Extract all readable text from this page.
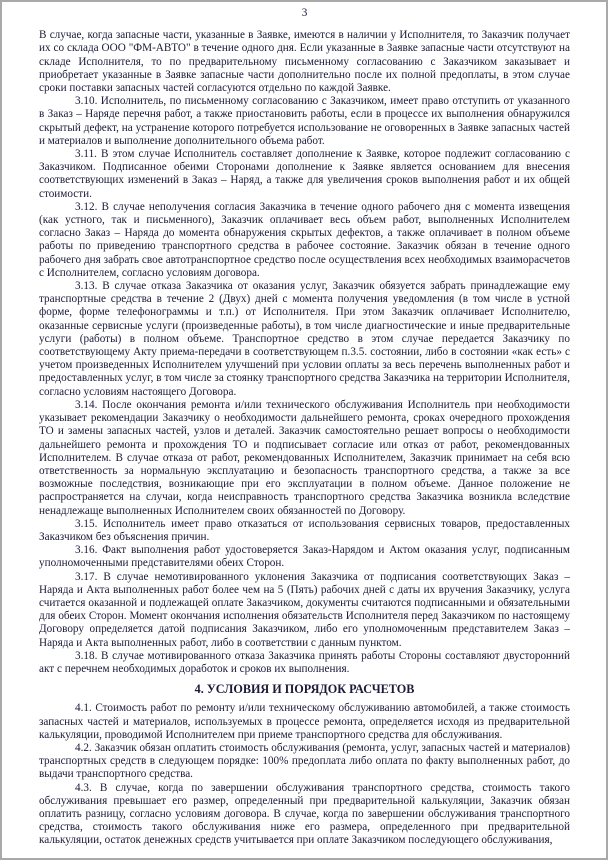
3

В случае, когда запасные части, указанные в Заявке, имеются в наличии у Исполнителя, то Заказчик получает их со склада ООО "ФМ-АВТО" в течение одного дня. Если указанные в Заявке запасные части отсутствуют на складе Исполнителя, то по предварительному письменному согласованию с Заказчиком заказывает и приобретает указанные в Заявке запасные части дополнительно после их полной предоплаты, в этом случае сроки поставки запасных частей согласуются отдельно по каждой Заявке.

3.10. Исполнитель, по письменному согласованию с Заказчиком, имеет право отступить от указанного в Заказ – Наряде перечня работ, а также приостановить работы, если в процессе их выполнения обнаружился скрытый дефект, на устранение которого потребуется использование не оговоренных в Заявке запасных частей и материалов и выполнение дополнительного объема работ.

3.11. В этом случае Исполнитель составляет дополнение к Заявке, которое подлежит согласованию с Заказчиком. Подписанное обеими Сторонами дополнение к Заявке является основанием для внесения соответствующих изменений в Заказ – Наряд, а также для увеличения сроков выполнения работ и их общей стоимости.

3.12. В случае неполучения согласия Заказчика в течение одного рабочего дня с момента извещения (как устного, так и письменного), Заказчик оплачивает весь объем работ, выполненных Исполнителем согласно Заказ – Наряда до момента обнаружения скрытых дефектов, а также оплачивает в полном объеме работы по приведению транспортного средства в рабочее состояние. Заказчик обязан в течение одного рабочего дня забрать свое автотранспортное средство после осуществления всех необходимых взаиморасчетов с Исполнителем, согласно условиям договора.

3.13. В случае отказа Заказчика от оказания услуг, Заказчик обязуется забрать принадлежащие ему транспортные средства в течение 2 (Двух) дней с момента получения уведомления (в том числе в устной форме, форме телефонограммы и т.п.) от Исполнителя. При этом Заказчик оплачивает Исполнителю, оказанные сервисные услуги (произведенные работы), в том числе диагностические и иные предварительные услуги (работы) в полном объеме. Транспортное средство в этом случае передается Заказчику по соответствующему Акту приема-передачи в соответствующем п.3.5. состоянии, либо в состоянии «как есть» с учетом произведенных Исполнителем улучшений при условии оплаты за весь перечень выполненных работ и предоставленных услуг, в том числе за стоянку транспортного средства Заказчика на территории Исполнителя, согласно условиям настоящего Договора.

3.14. После окончания ремонта и/или технического обслуживания Исполнитель при необходимости указывает рекомендации Заказчику о необходимости дальнейшего ремонта, сроках очередного прохождения ТО и замены запасных частей, узлов и деталей. Заказчик самостоятельно решает вопросы о необходимости дальнейшего ремонта и прохождения ТО и подписывает согласие или отказ от работ, рекомендованных Исполнителем. В случае отказа от работ, рекомендованных Исполнителем, Заказчик принимает на себя всю ответственность за нормальную эксплуатацию и безопасность транспортного средства, а также за все возможные последствия, возникающие при его эксплуатации в полном объеме. Данное положение не распространяется на случаи, когда неисправность транспортного средства Заказчика возникла вследствие ненадлежаще выполненных Исполнителем своих обязанностей по Договору.

3.15. Исполнитель имеет право отказаться от использования сервисных товаров, предоставленных Заказчиком без объяснения причин.

3.16. Факт выполнения работ удостоверяется Заказ-Нарядом и Актом оказания услуг, подписанным уполномоченными представителями обеих Сторон.

3.17. В случае немотивированного уклонения Заказчика от подписания соответствующих Заказ – Наряда и Акта выполненных работ более чем на 5 (Пять) рабочих дней с даты их вручения Заказчику, услуга считается оказанной и подлежащей оплате Заказчиком, документы считаются подписанными и обязательными для обеих Сторон. Момент окончания исполнения обязательств Исполнителя перед Заказчиком по настоящему Договору определяется датой подписания Заказчиком, либо его уполномоченным представителем Заказ – Наряда и Акта выполненных работ, либо в соответствии с данным пунктом.

3.18. В случае мотивированного отказа Заказчика принять работы Стороны составляют двусторонний акт с перечнем необходимых доработок и сроков их выполнения.

4. УСЛОВИЯ И ПОРЯДОК РАСЧЕТОВ

4.1. Стоимость работ по ремонту и/или техническому обслуживанию автомобилей, а также стоимость запасных частей и материалов, используемых в процессе ремонта, определяется исходя из предварительной калькуляции, проводимой Исполнителем при приеме транспортного средства для обслуживания.

4.2. Заказчик обязан оплатить стоимость обслуживания (ремонта, услуг, запасных частей и материалов) транспортных средств в следующем порядке: 100% предоплата либо оплата по факту выполненных работ, до выдачи транспортного средства.

4.3. В случае, когда по завершении обслуживания транспортного средства, стоимость такого обслуживания превышает его размер, определенный при предварительной калькуляции, Заказчик обязан оплатить разницу, согласно условиям договора. В случае, когда по завершении обслуживания транспортного средства, стоимость такого обслуживания ниже его размера, определенного при предварительной калькуляции, остаток денежных средств учитывается при оплате Заказчиком последующего обслуживания,
